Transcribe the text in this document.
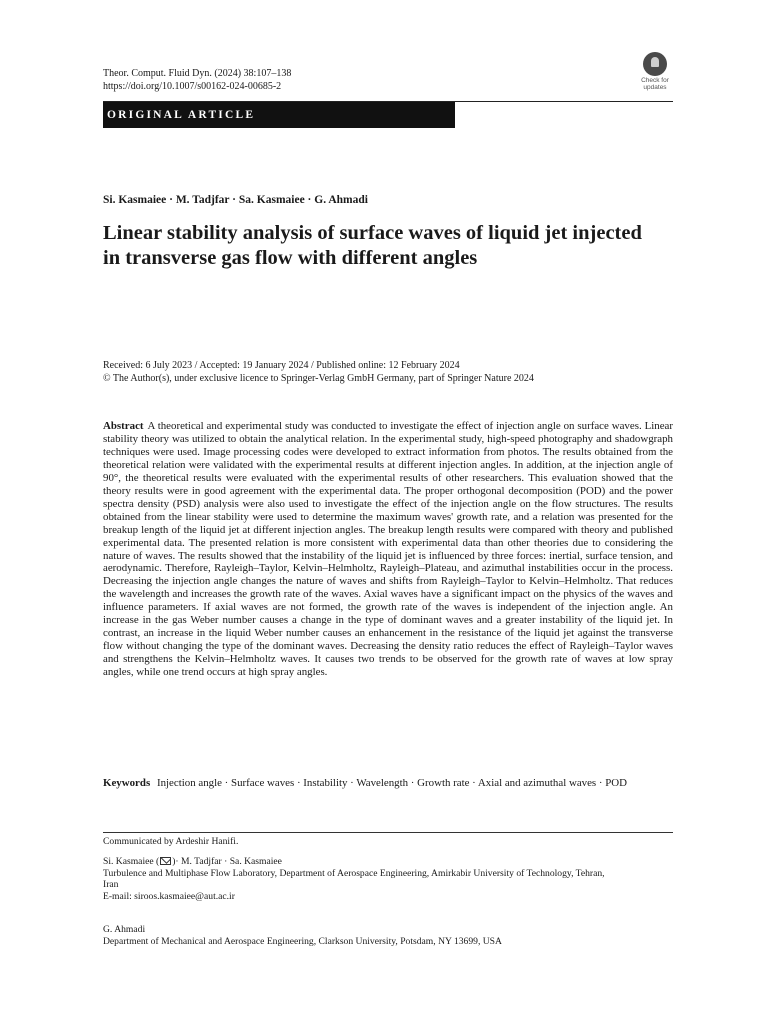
Theor. Comput. Fluid Dyn. (2024) 38:107–138
https://doi.org/10.1007/s00162-024-00685-2	Check for
updates
ORIGINAL ARTICLE
Si. Kasmaiee · M. Tadjfar · Sa. Kasmaiee · G. Ahmadi
Linear stability analysis of surface waves of liquid jet injected in transverse gas flow with different angles
Received: 6 July 2023 / Accepted: 19 January 2024 / Published online: 12 February 2024
© The Author(s), under exclusive licence to Springer-Verlag GmbH Germany, part of Springer Nature 2024

Abstract A theoretical and experimental study was conducted to investigate the effect of injection angle on surface waves. Linear stability theory was utilized to obtain the analytical relation. In the experimental study, high-speed photography and shadowgraph techniques were used. Image processing codes were developed to extract information from photos. The results obtained from the theoretical relation were validated with the experimental results at different injection angles. In addition, at the injection angle of 90°, the theoretical results were evaluated with the experimental results of other researchers. This evaluation showed that the theory results were in good agreement with the experimental data. The proper orthogonal decomposition (POD) and the power spectra density (PSD) analysis were also used to investigate the effect of the injection angle on the flow structures. The results obtained from the linear stability were used to determine the maximum waves' growth rate, and a relation was presented for the breakup length of the liquid jet at different injection angles. The breakup length results were compared with theory and published experimental data. The presented relation is more consistent with experimental data than other theories due to considering the nature of waves. The results showed that the instability of the liquid jet is influenced by three forces: inertial, surface tension, and aerodynamic. Therefore, Rayleigh–Taylor, Kelvin–Helmholtz, Rayleigh–Plateau, and azimuthal instabilities occur in the process. Decreasing the injection angle changes the nature of waves and shifts from Rayleigh–Taylor to Kelvin–Helmholtz. That reduces the wavelength and increases the growth rate of the waves. Axial waves have a significant impact on the physics of the waves and influence parameters. If axial waves are not formed, the growth rate of the waves is independent of the injection angle. An increase in the gas Weber number causes a change in the type of dominant waves and a greater instability of the liquid jet. In contrast, an increase in the liquid Weber number causes an enhancement in the resistance of the liquid jet against the transverse flow without changing the type of the dominant waves. Decreasing the density ratio reduces the effect of Rayleigh–Taylor waves and strengthens the Kelvin–Helmholtz waves. It causes two trends to be observed for the growth rate of waves at low spray angles, while one trend occurs at high spray angles.

Keywords Injection angle · Surface waves · Instability · Wavelength · Growth rate · Axial and azimuthal waves · POD

Communicated by Ardeshir Hanifi.
Si. Kasmaiee ( )· M. Tadjfar · Sa. Kasmaiee
Turbulence and Multiphase Flow Laboratory, Department of Aerospace Engineering, Amirkabir University of Technology, Tehran,
Iran
E-mail: siroos.kasmaiee@aut.ac.ir
G. Ahmadi
Department of Mechanical and Aerospace Engineering, Clarkson University, Potsdam, NY 13699, USA
